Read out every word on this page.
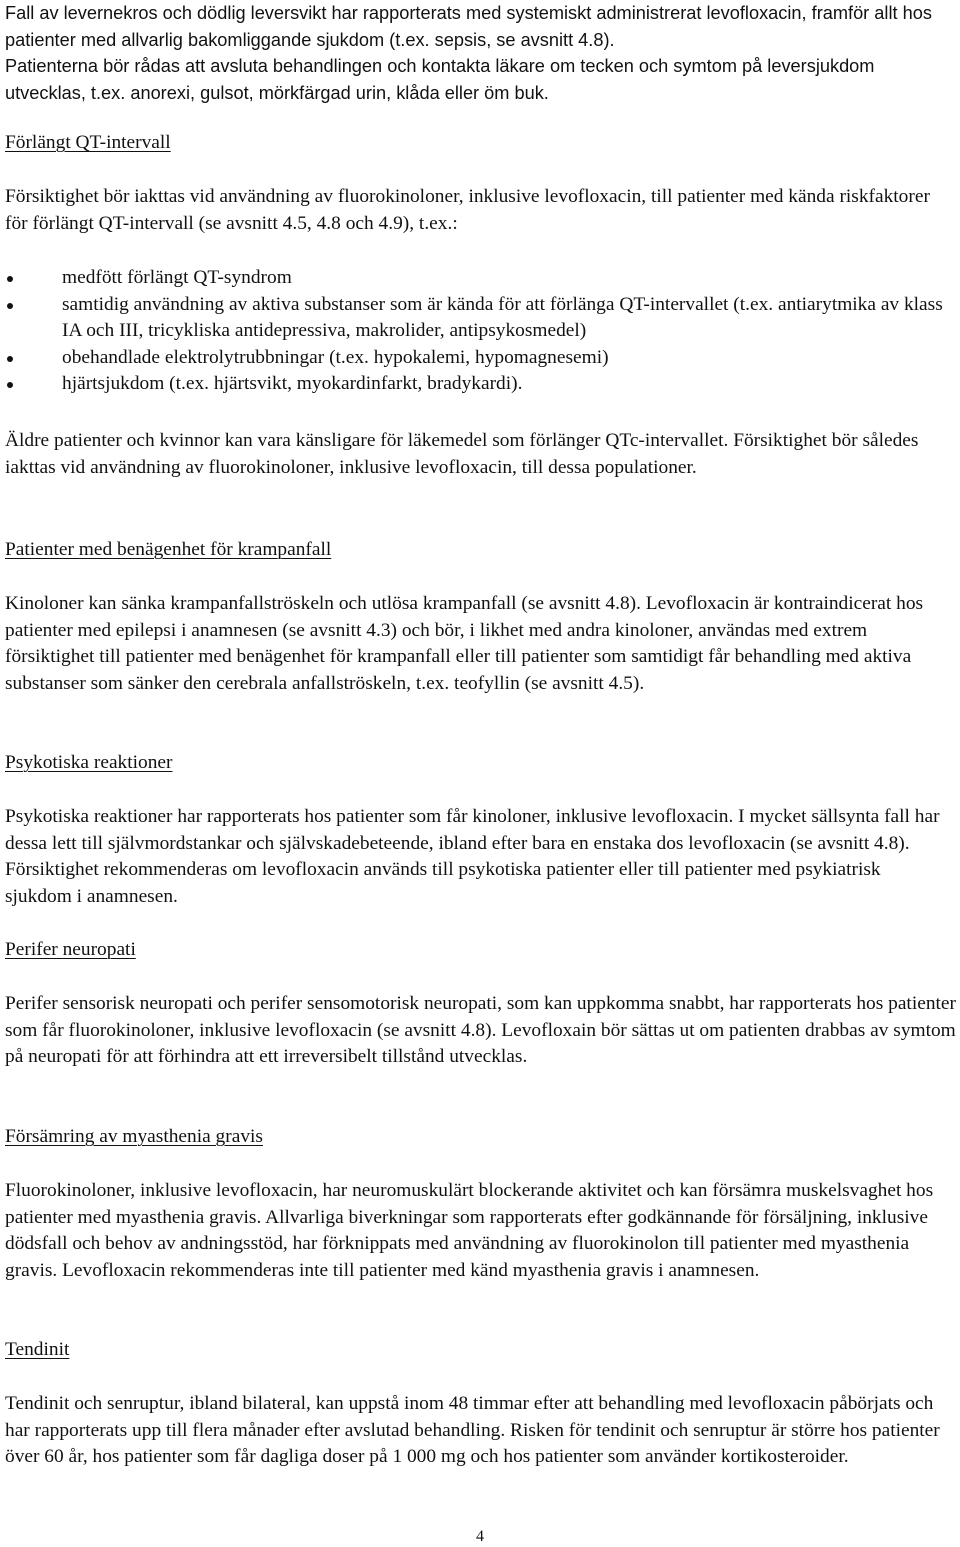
Fall av levernekros och dödlig leversvikt har rapporterats med systemiskt administrerat levofloxacin, framför allt hos patienter med allvarlig bakomliggande sjukdom (t.ex. sepsis, se avsnitt 4.8).

Patienterna bör rådas att avsluta behandlingen och kontakta läkare om tecken och symtom på leversjukdom utvecklas, t.ex. anorexi, gulsot, mörkfärgad urin, klåda eller öm buk.

Förlängt QT-intervall

Försiktighet bör iakttas vid användning av fluorokinoloner, inklusive levofloxacin, till patienter med kända riskfaktorer för förlängt QT-intervall (se avsnitt 4.5, 4.8 och 4.9), t.ex.:

medfött förlängt QT-syndrom
samtidig användning av aktiva substanser som är kända för att förlänga QT-intervallet (t.ex. antiarytmika av klass IA och III, tricykliska antidepressiva, makrolider, antipsykosmedel)
obehandlade elektrolytrubbningar (t.ex. hypokalemi, hypomagnesemi)
hjärtsjukdom (t.ex. hjärtsvikt, myokardinfarkt, bradykardi).

Äldre patienter och kvinnor kan vara känsligare för läkemedel som förlänger QTc-intervallet. Försiktighet bör således iakttas vid användning av fluorokinoloner, inklusive levofloxacin, till dessa populationer.

Patienter med benägenhet för krampanfall

Kinoloner kan sänka krampanfallströskeln och utlösa krampanfall (se avsnitt 4.8). Levofloxacin är kontraindicerat hos patienter med epilepsi i anamnesen (se avsnitt 4.3) och bör, i likhet med andra kinoloner, användas med extrem försiktighet till patienter med benägenhet för krampanfall eller till patienter som samtidigt får behandling med aktiva substanser som sänker den cerebrala anfallströskeln, t.ex. teofyllin (se avsnitt 4.5).

Psykotiska reaktioner

Psykotiska reaktioner har rapporterats hos patienter som får kinoloner, inklusive levofloxacin. I mycket sällsynta fall har dessa lett till självmordstankar och självskadebeteende, ibland efter bara en enstaka dos levofloxacin (se avsnitt 4.8). Försiktighet rekommenderas om levofloxacin används till psykotiska patienter eller till patienter med psykiatrisk sjukdom i anamnesen.

Perifer neuropati

Perifer sensorisk neuropati och perifer sensomotorisk neuropati, som kan uppkomma snabbt, har rapporterats hos patienter som får fluorokinoloner, inklusive levofloxacin (se avsnitt 4.8). Levofloxain bör sättas ut om patienten drabbas av symtom på neuropati för att förhindra att ett irreversibelt tillstånd utvecklas.

Försämring av myasthenia gravis

Fluorokinoloner, inklusive levofloxacin, har neuromuskulärt blockerande aktivitet och kan försämra muskelsvaghet hos patienter med myasthenia gravis. Allvarliga biverkningar som rapporterats efter godkännande för försäljning, inklusive dödsfall och behov av andningsstöd, har förknippats med användning av fluorokinolon till patienter med myasthenia gravis. Levofloxacin rekommenderas inte till patienter med känd myasthenia gravis i anamnesen.

Tendinit

Tendinit och senruptur, ibland bilateral, kan uppstå inom 48 timmar efter att behandling med levofloxacin påbörjats och har rapporterats upp till flera månader efter avslutad behandling. Risken för tendinit och senruptur är större hos patienter över 60 år, hos patienter som får dagliga doser på 1 000 mg och hos patienter som använder kortikosteroider.

4
